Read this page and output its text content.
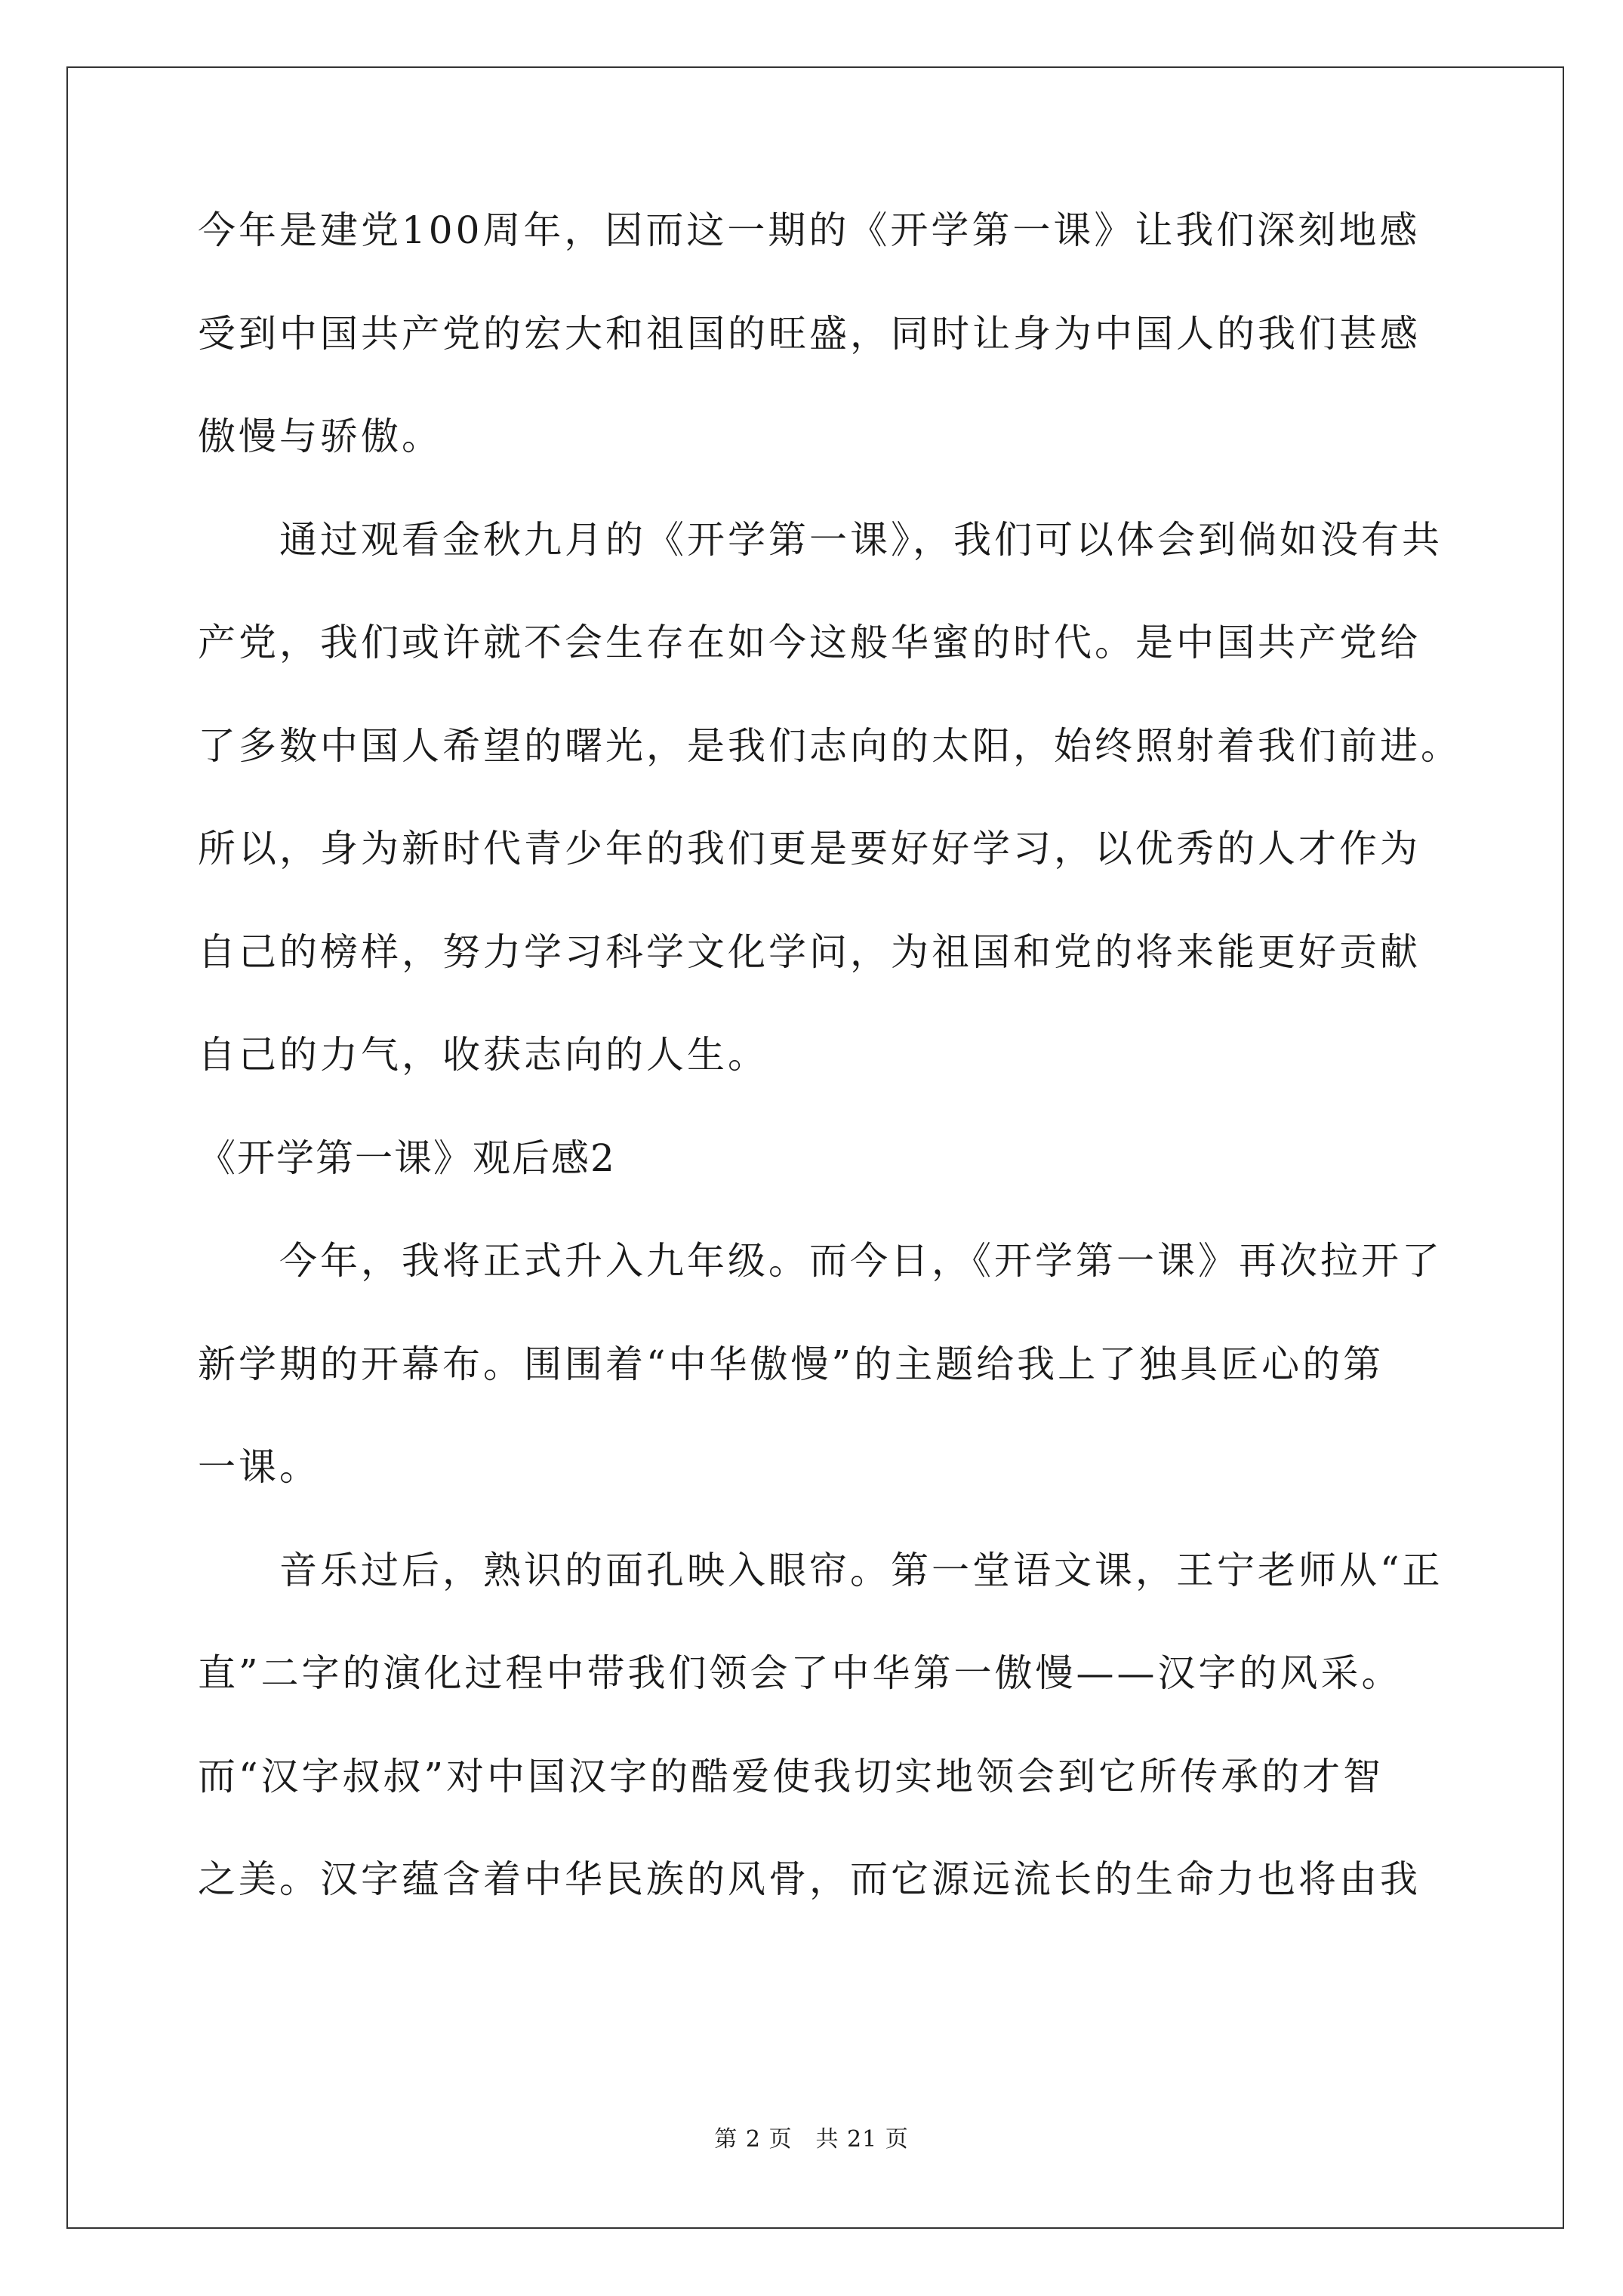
今年是建党100周年，因而这一期的《开学第一课》让我们深刻地感
受到中国共产党的宏大和祖国的旺盛，同时让身为中国人的我们甚感
傲慢与骄傲。
　　通过观看金秋九月的《开学第一课》，我们可以体会到倘如没有共
产党，我们或许就不会生存在如今这般华蜜的时代。是中国共产党给
了多数中国人希望的曙光，是我们志向的太阳，始终照射着我们前进。
所以，身为新时代青少年的我们更是要好好学习，以优秀的人才作为
自己的榜样，努力学习科学文化学问，为祖国和党的将来能更好贡献
自己的力气，收获志向的人生。
《开学第一课》观后感2
　　今年，我将正式升入九年级。而今日，《开学第一课》再次拉开了
新学期的开幕布。围围着“中华傲慢”的主题给我上了独具匠心的第
一课。
　　音乐过后，熟识的面孔映入眼帘。第一堂语文课，王宁老师从“正
直”二字的演化过程中带我们领会了中华第一傲慢——汉字的风采。
而“汉字叔叔”对中国汉字的酷爱使我切实地领会到它所传承的才智
之美。汉字蕴含着中华民族的风骨，而它源远流长的生命力也将由我
第 2 页　共 21 页
